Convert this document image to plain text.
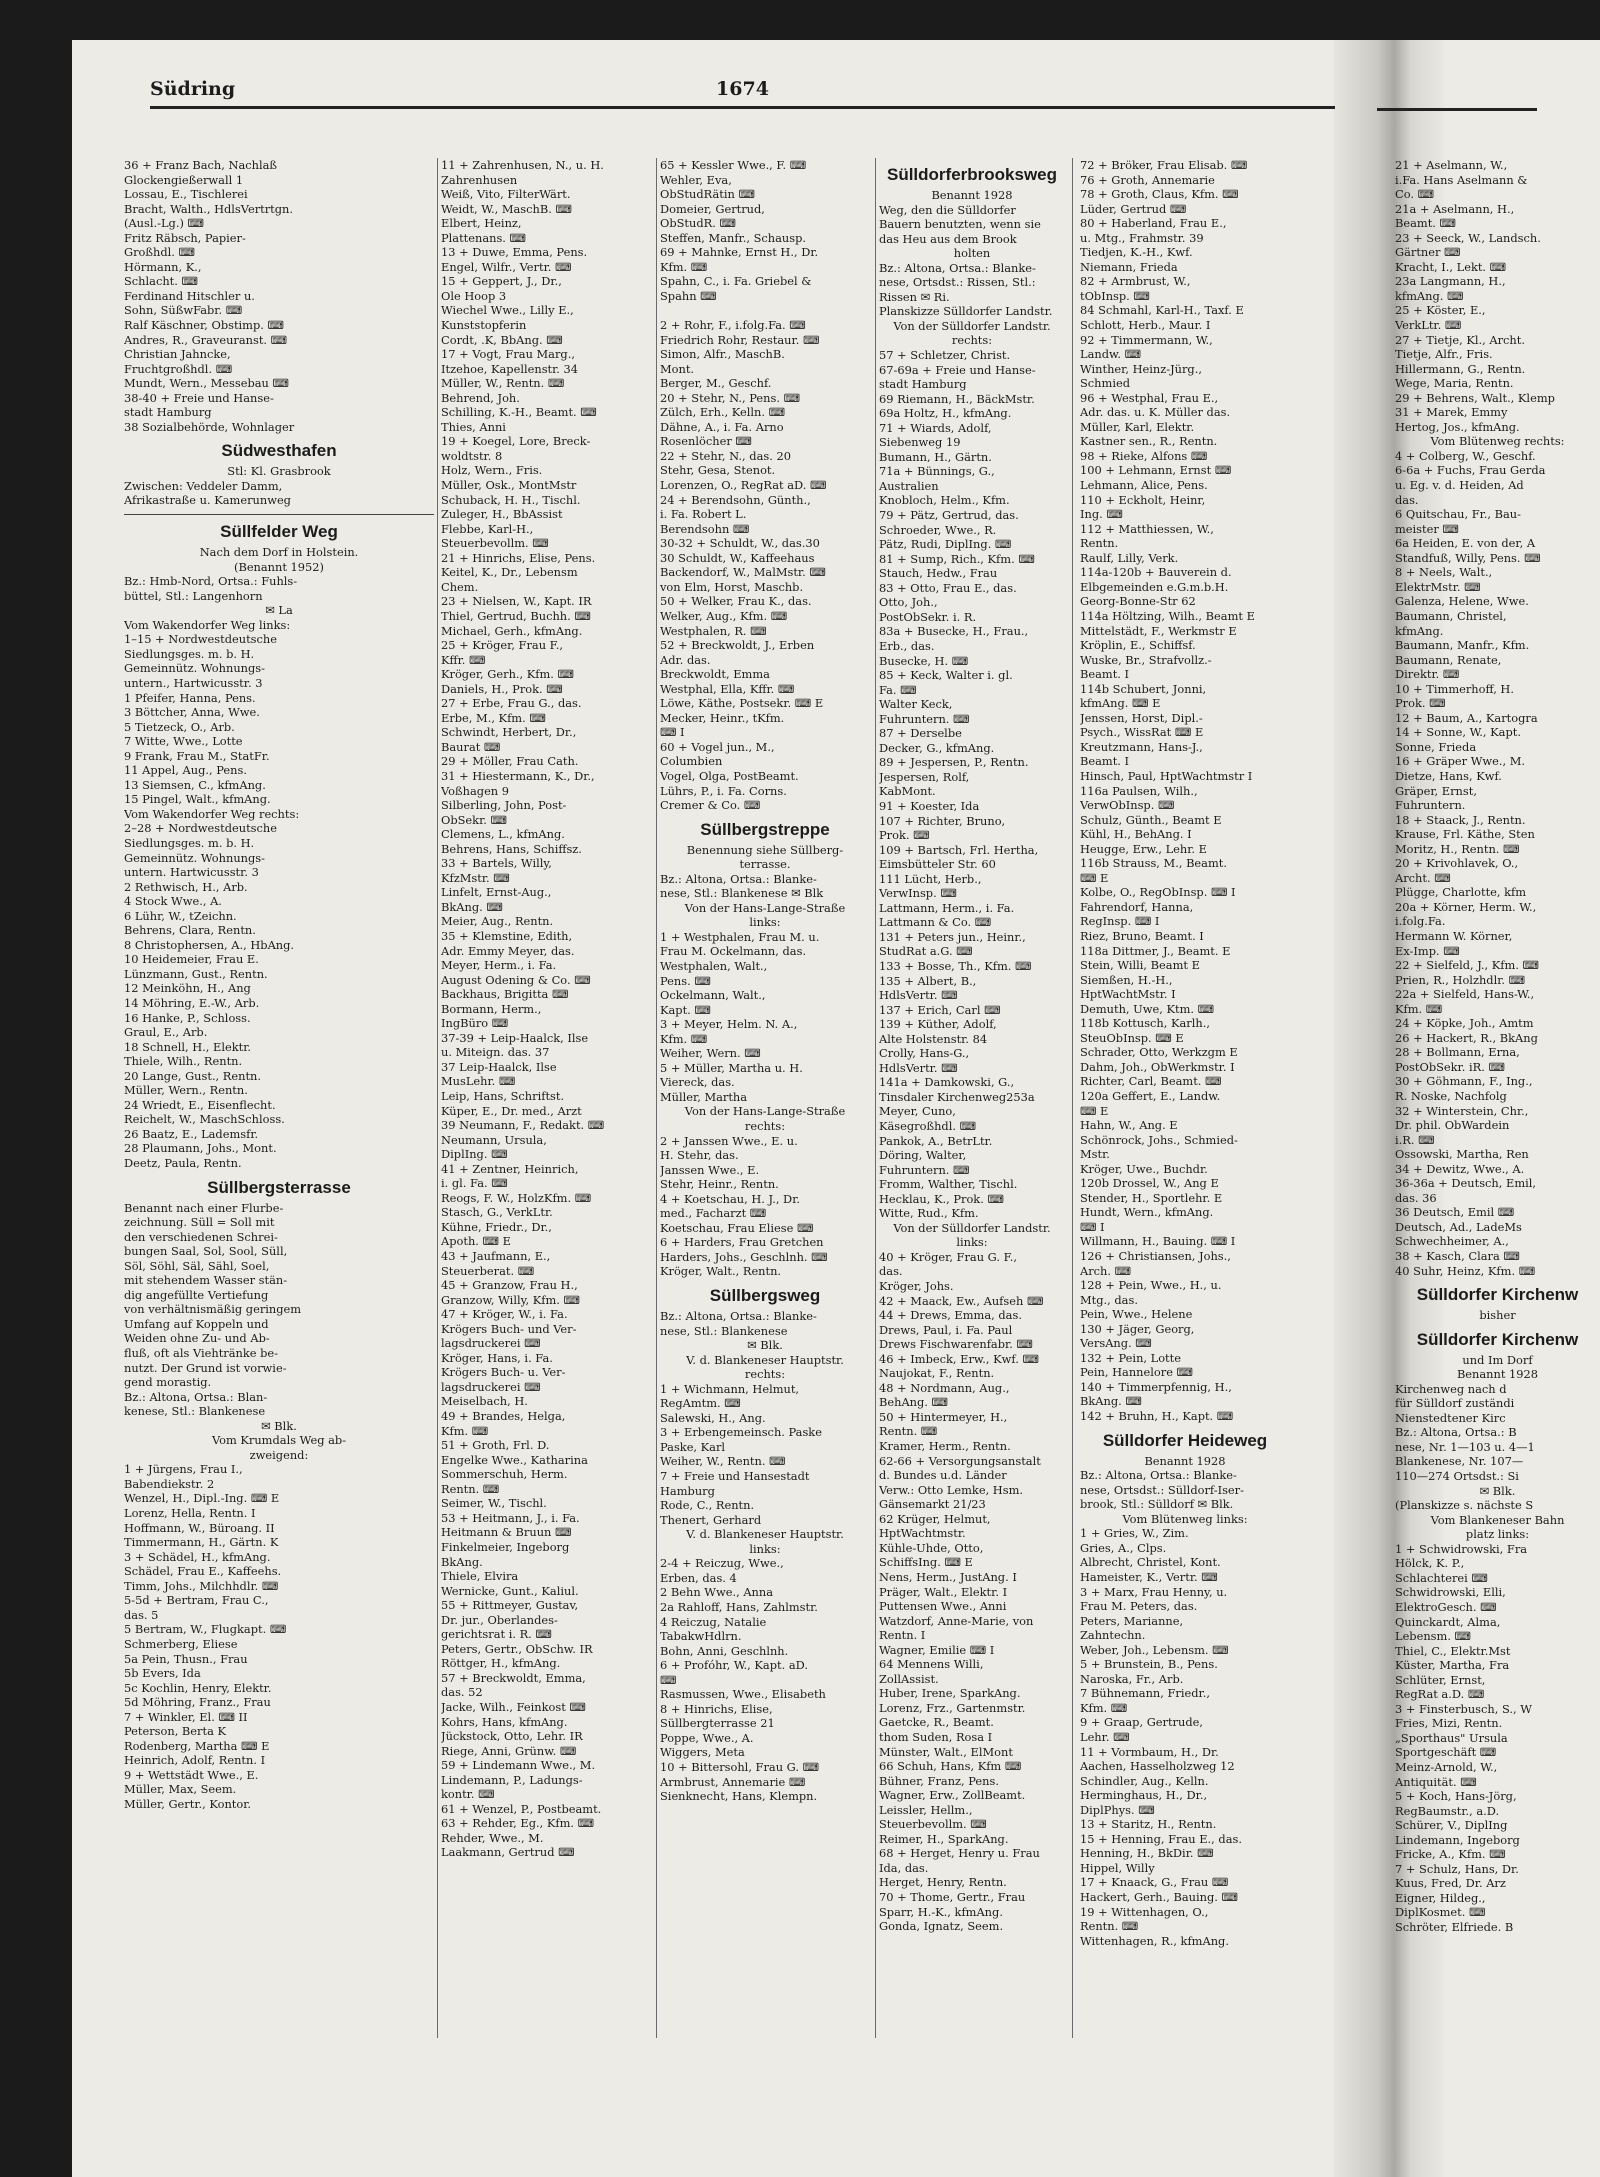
Südring	1674
36 + Franz Bach, Nachlaß
Glockengießerwall 1
Lossau, E., Tischlerei
Bracht, Walth., HdlsVertrtgn.
(Ausl.-Lg.) ⌨
Fritz Räbsch, Papier-
Großhdl. ⌨
Hörmann, K.,
Schlacht. ⌨
Ferdinand Hitschler u.
Sohn, SüßwFabr. ⌨
Ralf Käschner, Obstimp. ⌨
Andres, R., Graveuranst. ⌨
Christian Jahncke,
Fruchtgroßhdl. ⌨
Mundt, Wern., Messebau ⌨
38-40 + Freie und Hanse-
stadt Hamburg
38 Sozialbehörde, Wohnlager
Südwesthafen
Stl: Kl. Grasbrook
Zwischen: Veddeler Damm,
Afrikastraße u. Kamerunweg
Süllfelder Weg
Nach dem Dorf in Holstein.
(Benannt 1952)
Bz.: Hmb-Nord, Ortsa.: Fuhls-
büttel, Stl.: Langenhorn
✉ La
Vom Wakendorfer Weg links:
1–15 + Nordwestdeutsche
Siedlungsges. m. b. H.
Gemeinnütz. Wohnungs-
untern., Hartwicusstr. 3
1 Pfeifer, Hanna, Pens.
3 Böttcher, Anna, Wwe.
5 Tietzeck, O., Arb.
7 Witte, Wwe., Lotte
9 Frank, Frau M., StatFr.
11 Appel, Aug., Pens.
13 Siemsen, C., kfmAng.
15 Pingel, Walt., kfmAng.
Vom Wakendorfer Weg rechts:
2–28 + Nordwestdeutsche
Siedlungsges. m. b. H.
Gemeinnütz. Wohnungs-
untern. Hartwicusstr. 3
2 Rethwisch, H., Arb.
4 Stock Wwe., A.
6 Lühr, W., tZeichn.
Behrens, Clara, Rentn.
8 Christophersen, A., HbAng.
10 Heidemeier, Frau E.
Lünzmann, Gust., Rentn.
12 Meinköhn, H., Ang
14 Möhring, E.-W., Arb.
16 Hanke, P., Schloss.
Graul, E., Arb.
18 Schnell, H., Elektr.
Thiele, Wilh., Rentn.
20 Lange, Gust., Rentn.
Müller, Wern., Rentn.
24 Wriedt, E., Eisenflecht.
Reichelt, W., MaschSchloss.
26 Baatz, E., Lademsfr.
28 Plaumann, Johs., Mont.
Deetz, Paula, Rentn.
Süllbergsterrasse
Benannt nach einer Flurbe-
zeichnung. Süll = Soll mit
den verschiedenen Schrei-
bungen Saal, Sol, Sool, Süll,
Söl, Söhl, Säl, Sähl, Soel,
mit stehendem Wasser stän-
dig angefüllte Vertiefung
von verhältnismäßig geringem
Umfang auf Koppeln und
Weiden ohne Zu- und Ab-
fluß, oft als Viehtränke be-
nutzt. Der Grund ist vorwie-
gend morastig.
Bz.: Altona, Ortsa.: Blan-
kenese, Stl.: Blankenese
✉ Blk.
Vom Krumdals Weg ab-
zweigend:
1 + Jürgens, Frau I.,
Babendiekstr. 2
Wenzel, H., Dipl.-Ing. ⌨ E
Lorenz, Hella, Rentn. I
Hoffmann, W., Büroang. II
Timmermann, H., Gärtn. K
3 + Schädel, H., kfmAng.
Schädel, Frau E., Kaffeehs.
Timm, Johs., Milchhdlr. ⌨
5-5d + Bertram, Frau C.,
das. 5
5 Bertram, W., Flugkapt. ⌨
Schmerberg, Eliese
5a Pein, Thusn., Frau
5b Evers, Ida
5c Kochlin, Henry, Elektr.
5d Möhring, Franz., Frau
7 + Winkler, El. ⌨ II
Peterson, Berta K
Rodenberg, Martha ⌨ E
Heinrich, Adolf, Rentn. I
9 + Wettstädt Wwe., E.
Müller, Max, Seem.
Müller, Gertr., Kontor.
11 + Zahrenhusen, N., u. H.
Zahrenhusen
Weiß, Vito, FilterWärt.
Weidt, W., MaschB. ⌨
Elbert, Heinz,
Plattenans. ⌨
13 + Duwe, Emma, Pens.
Engel, Wilfr., Vertr. ⌨
15 + Geppert, J., Dr.,
Ole Hoop 3
Wiechel Wwe., Lilly E.,
Kunststopferin
Cordt, .K, BbAng. ⌨
17 + Vogt, Frau Marg.,
Itzehoe, Kapellenstr. 34
Müller, W., Rentn. ⌨
Behrend, Joh.
Schilling, K.-H., Beamt. ⌨
Thies, Anni
19 + Koegel, Lore, Breck-
woldtstr. 8
Holz, Wern., Fris.
Müller, Osk., MontMstr
Schuback, H. H., Tischl.
Zuleger, H., BbAssist
Flebbe, Karl-H.,
Steuerbevollm. ⌨
21 + Hinrichs, Elise, Pens.
Keitel, K., Dr., Lebensm
Chem.
23 + Nielsen, W., Kapt. IR
Thiel, Gertrud, Buchh. ⌨
Michael, Gerh., kfmAng.
25 + Kröger, Frau F.,
Kffr. ⌨
Kröger, Gerh., Kfm. ⌨
Daniels, H., Prok. ⌨
27 + Erbe, Frau G., das.
Erbe, M., Kfm. ⌨
Schwindt, Herbert, Dr.,
Baurat ⌨
29 + Möller, Frau Cath.
31 + Hiestermann, K., Dr.,
Voßhagen 9
Silberling, John, Post-
ObSekr. ⌨
Clemens, L., kfmAng.
Behrens, Hans, Schiffsz.
33 + Bartels, Willy,
KfzMstr. ⌨
Linfelt, Ernst-Aug.,
BkAng. ⌨
Meier, Aug., Rentn.
35 + Klemstine, Edith,
Adr. Emmy Meyer, das.
Meyer, Herm., i. Fa.
August Odening & Co. ⌨
Backhaus, Brigitta ⌨
Bormann, Herm.,
IngBüro ⌨
37-39 + Leip-Haalck, Ilse
u. Miteign. das. 37
37 Leip-Haalck, Ilse
MusLehr. ⌨
Leip, Hans, Schriftst.
Küper, E., Dr. med., Arzt
39 Neumann, F., Redakt. ⌨
Neumann, Ursula,
DiplIng. ⌨
41 + Zentner, Heinrich,
i. gl. Fa. ⌨
Reogs, F. W., HolzKfm. ⌨
Stasch, G., VerkLtr.
Kühne, Friedr., Dr.,
Apoth. ⌨ E
43 + Jaufmann, E.,
Steuerberat. ⌨
45 + Granzow, Frau H.,
Granzow, Willy, Kfm. ⌨
47 + Kröger, W., i. Fa.
Krögers Buch- und Ver-
lagsdruckerei ⌨
Kröger, Hans, i. Fa.
Krögers Buch- u. Ver-
lagsdruckerei ⌨
Meiselbach, H.
49 + Brandes, Helga,
Kfm. ⌨
51 + Groth, Frl. D.
Engelke Wwe., Katharina
Sommerschuh, Herm.
Rentn. ⌨
Seimer, W., Tischl.
53 + Heitmann, J., i. Fa.
Heitmann & Bruun ⌨
Finkelmeier, Ingeborg
BkAng.
Thiele, Elvira
Wernicke, Gunt., Kaliul.
55 + Rittmeyer, Gustav,
Dr. jur., Oberlandes-
gerichtsrat i. R. ⌨
Peters, Gertr., ObSchw. IR
Röttger, H., kfmAng.
57 + Breckwoldt, Emma,
das. 52
Jacke, Wilh., Feinkost ⌨
Kohrs, Hans, kfmAng.
Jückstock, Otto, Lehr. IR
Riege, Anni, Grünw. ⌨
59 + Lindemann Wwe., M.
Lindemann, P., Ladungs-
kontr. ⌨
61 + Wenzel, P., Postbeamt.
63 + Rehder, Eg., Kfm. ⌨
Rehder, Wwe., M.
Laakmann, Gertrud ⌨
65 + Kessler Wwe., F. ⌨
Wehler, Eva,
ObStudRätin ⌨
Domeier, Gertrud,
ObStudR. ⌨
Steffen, Manfr., Schausp.
69 + Mahnke, Ernst H., Dr.
Kfm. ⌨
Spahn, C., i. Fa. Griebel &
Spahn ⌨

2 + Rohr, F., i.folg.Fa. ⌨
Friedrich Rohr, Restaur. ⌨
Simon, Alfr., MaschB.
Mont.
Berger, M., Geschf.
20 + Stehr, N., Pens. ⌨
Zülch, Erh., Kelln. ⌨
Dähne, A., i. Fa. Arno
Rosenlöcher ⌨
22 + Stehr, N., das. 20
Stehr, Gesa, Stenot.
Lorenzen, O., RegRat aD. ⌨
24 + Berendsohn, Günth.,
i. Fa. Robert L.
Berendsohn ⌨
30-32 + Schuldt, W., das.30
30 Schuldt, W., Kaffeehaus
Backendorf, W., MalMstr. ⌨
von Elm, Horst, Maschb.
50 + Welker, Frau K., das.
Welker, Aug., Kfm. ⌨
Westphalen, R. ⌨
52 + Breckwoldt, J., Erben
Adr. das.
Breckwoldt, Emma
Westphal, Ella, Kffr. ⌨
Löwe, Käthe, Postsekr. ⌨ E
Mecker, Heinr., tKfm.
⌨ I
60 + Vogel jun., M.,
Columbien
Vogel, Olga, PostBeamt.
Lührs, P., i. Fa. Corns.
Cremer & Co. ⌨
Süllbergstreppe
Benennung siehe Süllberg-
terrasse.
Bz.: Altona, Ortsa.: Blanke-
nese, Stl.: Blankenese ✉ Blk
Von der Hans-Lange-Straße
links:
1 + Westphalen, Frau M. u.
Frau M. Ockelmann, das.
Westphalen, Walt.,
Pens. ⌨
Ockelmann, Walt.,
Kapt. ⌨
3 + Meyer, Helm. N. A.,
Kfm. ⌨
Weiher, Wern. ⌨
5 + Müller, Martha u. H.
Viereck, das.
Müller, Martha
Von der Hans-Lange-Straße
rechts:
2 + Janssen Wwe., E. u.
H. Stehr, das.
Janssen Wwe., E.
Stehr, Heinr., Rentn.
4 + Koetschau, H. J., Dr.
med., Facharzt ⌨
Koetschau, Frau Eliese ⌨
6 + Harders, Frau Gretchen
Harders, Johs., Geschlnh. ⌨
Kröger, Walt., Rentn.
Süllbergsweg
Bz.: Altona, Ortsa.: Blanke-
nese, Stl.: Blankenese
✉ Blk.
V. d. Blankeneser Hauptstr.
rechts:
1 + Wichmann, Helmut,
RegAmtm. ⌨
Salewski, H., Ang.
3 + Erbengemeinsch. Paske
Paske, Karl
Weiher, W., Rentn. ⌨
7 + Freie und Hansestadt
Hamburg
Rode, C., Rentn.
Thenert, Gerhard
V. d. Blankeneser Hauptstr.
links:
2-4 + Reiczug, Wwe.,
Erben, das. 4
2 Behn Wwe., Anna
2a Rahloff, Hans, Zahlmstr.
4 Reiczug, Natalie
TabakwHdlrn.
Bohn, Anni, Geschlnh.
6 + Profóhr, W., Kapt. aD.
⌨
Rasmussen, Wwe., Elisabeth
8 + Hinrichs, Elise,
Süllbergterrasse 21
Poppe, Wwe., A.
Wiggers, Meta
10 + Bittersohl, Frau G. ⌨
Armbrust, Annemarie ⌨
Sienknecht, Hans, Klempn.
Sülldorferbrooksweg
Benannt 1928
Weg, den die Sülldorfer
Bauern benutzten, wenn sie
das Heu aus dem Brook
holten
Bz.: Altona, Ortsa.: Blanke-
nese, Ortsdst.: Rissen, Stl.:
Rissen ✉ Ri.
Planskizze Sülldorfer Landstr.
Von der Sülldorfer Landstr.
rechts:
57 + Schletzer, Christ.
67-69a + Freie und Hanse-
stadt Hamburg
69 Riemann, H., BäckMstr.
69a Holtz, H., kfmAng.
71 + Wiards, Adolf,
Siebenweg 19
Bumann, H., Gärtn.
71a + Bünnings, G.,
Australien
Knobloch, Helm., Kfm.
79 + Pätz, Gertrud, das.
Schroeder, Wwe., R.
Pätz, Rudi, DiplIng. ⌨
81 + Sump, Rich., Kfm. ⌨
Stauch, Hedw., Frau
83 + Otto, Frau E., das.
Otto, Joh.,
PostObSekr. i. R.
83a + Busecke, H., Frau.,
Erb., das.
Busecke, H. ⌨
85 + Keck, Walter i. gl.
Fa. ⌨
Walter Keck,
Fuhruntern. ⌨
87 + Derselbe
Decker, G., kfmAng.
89 + Jespersen, P., Rentn.
Jespersen, Rolf,
KabMont.
91 + Koester, Ida
107 + Richter, Bruno,
Prok. ⌨
109 + Bartsch, Frl. Hertha,
Eimsbütteler Str. 60
111 Lücht, Herb.,
VerwInsp. ⌨
Lattmann, Herm., i. Fa.
Lattmann & Co. ⌨
131 + Peters jun., Heinr.,
StudRat a.G. ⌨
133 + Bosse, Th., Kfm. ⌨
135 + Albert, B.,
HdlsVertr. ⌨
137 + Erich, Carl ⌨
139 + Küther, Adolf,
Alte Holstenstr. 84
Crolly, Hans-G.,
HdlsVertr. ⌨
141a + Damkowski, G.,
Tinsdaler Kirchenweg253a
Meyer, Cuno,
Käsegroßhdl. ⌨
Pankok, A., BetrLtr.
Döring, Walter,
Fuhruntern. ⌨
Fromm, Walther, Tischl.
Hecklau, K., Prok. ⌨
Witte, Rud., Kfm.
Von der Sülldorfer Landstr.
links:
40 + Kröger, Frau G. F.,
das.
Kröger, Johs.
42 + Maack, Ew., Aufseh ⌨
44 + Drews, Emma, das.
Drews, Paul, i. Fa. Paul
Drews Fischwarenfabr. ⌨
46 + Imbeck, Erw., Kwf. ⌨
Naujokat, F., Rentn.
48 + Nordmann, Aug.,
BehAng. ⌨
50 + Hintermeyer, H.,
Rentn. ⌨
Kramer, Herm., Rentn.
62-66 + Versorgungsanstalt
d. Bundes u.d. Länder
Verw.: Otto Lemke, Hsm.
Gänsemarkt 21/23
62 Krüger, Helmut,
HptWachtmstr.
Kühle-Uhde, Otto,
SchiffsIng. ⌨ E
Nens, Herm., JustAng. I
Präger, Walt., Elektr. I
Puttensen Wwe., Anni
Watzdorf, Anne-Marie, von
Rentn. I
Wagner, Emilie ⌨ I
64 Mennens Willi,
ZollAssist.
Huber, Irene, SparkAng.
Lorenz, Frz., Gartenmstr.
Gaetcke, R., Beamt.
thom Suden, Rosa I
Münster, Walt., ElMont
66 Schuh, Hans, Kfm ⌨
Bühner, Franz, Pens.
Wagner, Erw., ZollBeamt.
Leissler, Hellm.,
Steuerbevollm. ⌨
Reimer, H., SparkAng.
68 + Herget, Henry u. Frau
Ida, das.
Herget, Henry, Rentn.
70 + Thome, Gertr., Frau
Sparr, H.-K., kfmAng.
Gonda, Ignatz, Seem.
72 + Bröker, Frau Elisab. ⌨
76 + Groth, Annemarie
78 + Groth, Claus, Kfm. ⌨
Lüder, Gertrud ⌨
80 + Haberland, Frau E.,
u. Mtg., Frahmstr. 39
Tiedjen, K.-H., Kwf.
Niemann, Frieda
82 + Armbrust, W.,
tObInsp. ⌨
84 Schmahl, Karl-H., Taxf. E
Schlott, Herb., Maur. I
92 + Timmermann, W.,
Landw. ⌨
Winther, Heinz-Jürg.,
Schmied
96 + Westphal, Frau E.,
Adr. das. u. K. Müller das.
Müller, Karl, Elektr.
Kastner sen., R., Rentn.
98 + Rieke, Alfons ⌨
100 + Lehmann, Ernst ⌨
Lehmann, Alice, Pens.
110 + Eckholt, Heinr,
Ing. ⌨
112 + Matthiessen, W.,
Rentn.
Raulf, Lilly, Verk.
114a-120b + Bauverein d.
Elbgemeinden e.G.m.b.H.
Georg-Bonne-Str 62
114a Höltzing, Wilh., Beamt E
Mittelstädt, F., Werkmstr E
Kröplin, E., Schiffsf.
Wuske, Br., Strafvollz.-
Beamt. I
114b Schubert, Jonni,
kfmAng. ⌨ E
Jenssen, Horst, Dipl.-
Psych., WissRat ⌨ E
Kreutzmann, Hans-J.,
Beamt. I
Hinsch, Paul, HptWachtmstr I
116a Paulsen, Wilh.,
VerwObInsp. ⌨
Schulz, Günth., Beamt E
Kühl, H., BehAng. I
Heugge, Erw., Lehr. E
116b Strauss, M., Beamt.
⌨ E
Kolbe, O., RegObInsp. ⌨ I
Fahrendorf, Hanna,
RegInsp. ⌨ I
Riez, Bruno, Beamt. I
118a Dittmer, J., Beamt. E
Stein, Willi, Beamt E
Siemßen, H.-H.,
HptWachtMstr. I
Demuth, Uwe, Ktm. ⌨
118b Kottusch, Karlh.,
SteuObInsp. ⌨ E
Schrader, Otto, Werkzgm E
Dahm, Joh., ObWerkmstr. I
Richter, Carl, Beamt. ⌨
120a Geffert, E., Landw.
⌨ E
Hahn, W., Ang. E
Schönrock, Johs., Schmied-
Mstr.
Kröger, Uwe., Buchdr.
120b Drossel, W., Ang E
Stender, H., Sportlehr. E
Hundt, Wern., kfmAng.
⌨ I
Willmann, H., Bauing. ⌨ I
126 + Christiansen, Johs.,
Arch. ⌨
128 + Pein, Wwe., H., u.
Mtg., das.
Pein, Wwe., Helene
130 + Jäger, Georg,
VersAng. ⌨
132 + Pein, Lotte
Pein, Hannelore ⌨
140 + Timmerpfennig, H.,
BkAng. ⌨
142 + Bruhn, H., Kapt. ⌨
Sülldorfer Heideweg
Benannt 1928
Bz.: Altona, Ortsa.: Blanke-
nese, Ortsdst.: Sülldorf-Iser-
brook, Stl.: Sülldorf ✉ Blk.
Vom Blütenweg links:
1 + Gries, W., Zim.
Gries, A., Clps.
Albrecht, Christel, Kont.
Hameister, K., Vertr. ⌨
3 + Marx, Frau Henny, u.
Frau M. Peters, das.
Peters, Marianne,
Zahntechn.
Weber, Joh., Lebensm. ⌨
5 + Brunstein, B., Pens.
Naroska, Fr., Arb.
7 Bühnemann, Friedr.,
Kfm. ⌨
9 + Graap, Gertrude,
Lehr. ⌨
11 + Vormbaum, H., Dr.
Aachen, Hasselholzweg 12
Schindler, Aug., Kelln.
Herminghaus, H., Dr.,
DiplPhys. ⌨
13 + Staritz, H., Rentn.
15 + Henning, Frau E., das.
Henning, H., BkDir. ⌨
Hippel, Willy
17 + Knaack, G., Frau ⌨
Hackert, Gerh., Bauing. ⌨
19 + Wittenhagen, O.,
Rentn. ⌨
Wittenhagen, R., kfmAng.
21 + Aselmann, W.,
i.Fa. Hans Aselmann &
Co. ⌨
21a + Aselmann, H.,
Beamt. ⌨
23 + Seeck, W., Landsch.
Gärtner ⌨
Kracht, I., Lekt. ⌨
23a Langmann, H.,
kfmAng. ⌨
25 + Köster, E.,
VerkLtr. ⌨
27 + Tietje, Kl., Archt.
Tietje, Alfr., Fris.
Hillermann, G., Rentn.
Wege, Maria, Rentn.
29 + Behrens, Walt., Klemp
31 + Marek, Emmy
Hertog, Jos., kfmAng.
Vom Blütenweg rechts:
4 + Colberg, W., Geschf.
6-6a + Fuchs, Frau Gerda
u. Eg. v. d. Heiden, Ad
das.
6 Quitschau, Fr., Bau-
meister ⌨
6a Heiden, E. von der, A
Standfuß, Willy, Pens. ⌨
8 + Neels, Walt.,
ElektrMstr. ⌨
Galenza, Helene, Wwe.
Baumann, Christel,
kfmAng.
Baumann, Manfr., Kfm.
Baumann, Renate,
Direktr. ⌨
10 + Timmerhoff, H.
Prok. ⌨
12 + Baum, A., Kartogra
14 + Sonne, W., Kapt.
Sonne, Frieda
16 + Gräper Wwe., M.
Dietze, Hans, Kwf.
Gräper, Ernst,
Fuhruntern.
18 + Staack, J., Rentn.
Krause, Frl. Käthe, Sten
Moritz, H., Rentn. ⌨
20 + Krivohlavek, O.,
Archt. ⌨
Plügge, Charlotte, kfm
20a + Körner, Herm. W.,
i.folg.Fa.
Hermann W. Körner,
Ex-Imp. ⌨
22 + Sielfeld, J., Kfm. ⌨
Prien, R., Holzhdlr. ⌨
22a + Sielfeld, Hans-W.,
Kfm. ⌨
24 + Köpke, Joh., Amtm
26 + Hackert, R., BkAng
28 + Bollmann, Erna,
PostObSekr. iR. ⌨
30 + Göhmann, F., Ing.,
R. Noske, Nachfolg
32 + Winterstein, Chr.,
Dr. phil. ObWardein
i.R. ⌨
Ossowski, Martha, Ren
34 + Dewitz, Wwe., A.
36-36a + Deutsch, Emil,
das. 36
36 Deutsch, Emil ⌨
Deutsch, Ad., LadeMs
Schwechheimer, A.,
38 + Kasch, Clara ⌨
40 Suhr, Heinz, Kfm. ⌨
Sülldorfer Kirchenw
bisher
Sülldorfer Kirchenw
und Im Dorf
Benannt 1928
Kirchenweg nach d
für Sülldorf zuständi
Nienstedtener Kirc
Bz.: Altona, Ortsa.: B
nese, Nr. 1—103 u. 4—1
Blankenese, Nr. 107—
110—274 Ortsdst.: Si
✉ Blk.
(Planskizze s. nächste S
Vom Blankeneser Bahn
platz links:
1 + Schwidrowski, Fra
Hölck, K. P.,
Schlachterei ⌨
Schwidrowski, Elli,
ElektroGesch. ⌨
Quinckardt, Alma,
Lebensm. ⌨
Thiel, C., Elektr.Mst
Küster, Martha, Fra
Schlüter, Ernst,
RegRat a.D. ⌨
3 + Finsterbusch, S., W
Fries, Mizi, Rentn.
„Sporthaus" Ursula
Sportgeschäft ⌨
Meinz-Arnold, W.,
Antiquität. ⌨
5 + Koch, Hans-Jörg,
RegBaumstr., a.D.
Schürer, V., DiplIng
Lindemann, Ingeborg
Fricke, A., Kfm. ⌨
7 + Schulz, Hans, Dr.
Kuus, Fred, Dr. Arz
Eigner, Hildeg.,
DiplKosmet. ⌨
Schröter, Elfriede. B
